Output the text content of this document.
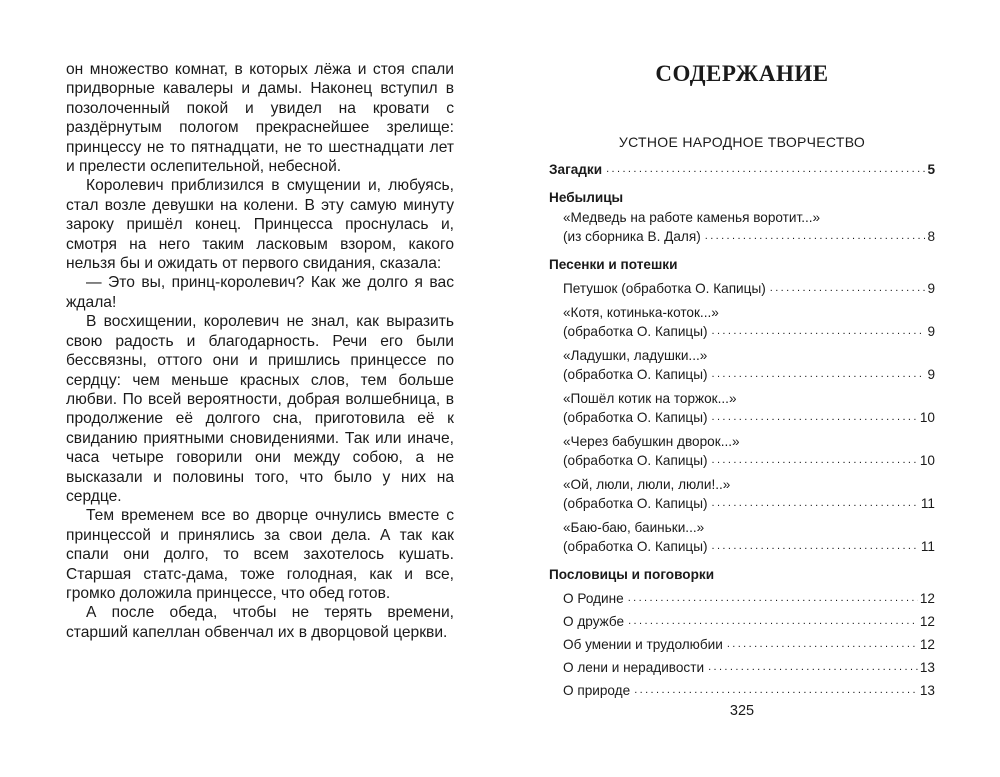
он множество комнат, в которых лёжа и стоя спали придворные кавалеры и дамы. Наконец вступил в позолоченный покой и увидел на кровати с раздёрнутым пологом прекраснейшее зрелище: принцессу не то пятнадцати, не то шестнадцати лет и прелести ослепительной, небесной.

Королевич приблизился в смущении и, любуясь, стал возле девушки на колени. В эту самую минуту зароку пришёл конец. Принцесса проснулась и, смотря на него таким ласковым взором, какого нельзя бы и ожидать от первого свидания, сказала:

— Это вы, принц-королевич? Как же долго я вас ждала!

В восхищении, королевич не знал, как выразить свою радость и благодарность. Речи его были бессвязны, оттого они и пришлись принцессе по сердцу: чем меньше красных слов, тем больше любви. По всей вероятности, добрая волшебница, в продолжение её долгого сна, приготовила её к свиданию приятными сновидениями. Так или иначе, часа четыре говорили они между собою, а не высказали и половины того, что было у них на сердце.

Тем временем все во дворце очнулись вместе с принцессой и принялись за свои дела. А так как спали они долго, то всем захотелось кушать. Старшая статс-дама, тоже голодная, как и все, громко доложила принцессе, что обед готов.

А после обеда, чтобы не терять времени, старший капеллан обвенчал их в дворцовой церкви.

СОДЕРЖАНИЕ
УСТНОЕ НАРОДНОЕ ТВОРЧЕСТВО
Загадки .....	5
Небылицы
«Медведь на работе каменья воротит...»
(из сборника В. Даля) .....	8
Песенки и потешки
Петушок (обработка О. Капицы) .....	9
«Котя, котинька-коток...»
(обработка О. Капицы) .....	9
«Ладушки, ладушки...»
(обработка О. Капицы) .....	9
«Пошёл котик на торжок...»
(обработка О. Капицы) .....	10
«Через бабушкин дворок...»
(обработка О. Капицы) .....	10
«Ой, люли, люли, люли!..»
(обработка О. Капицы) .....	11
«Баю-баю, баиньки...»
(обработка О. Капицы) .....	11
Пословицы и поговорки
О Родине .....	12
О дружбе .....	12
Об умении и трудолюбии .....	12
О лени и нерадивости .....	13
О природе .....	13
325
